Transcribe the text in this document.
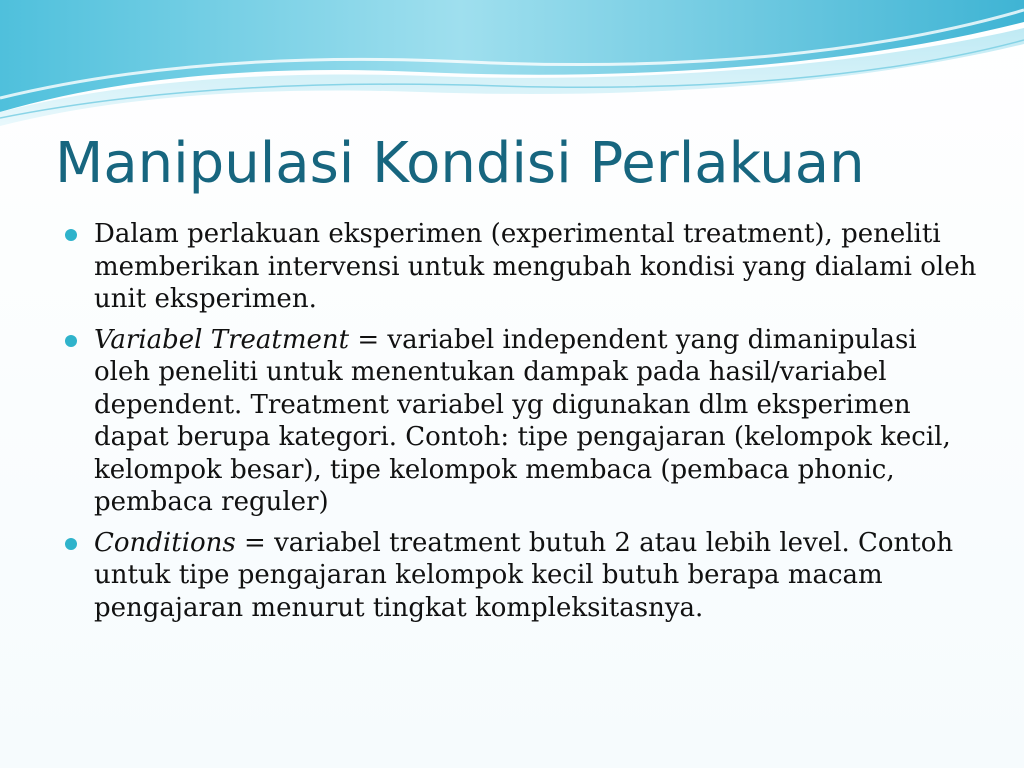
Manipulasi Kondisi Perlakuan
Dalam perlakuan eksperimen (experimental treatment), peneliti memberikan intervensi untuk mengubah kondisi yang dialami oleh unit eksperimen.
Variabel Treatment = variabel independent yang dimanipulasi oleh peneliti untuk menentukan dampak pada hasil/variabel dependent. Treatment variabel yg digunakan dlm eksperimen dapat berupa kategori. Contoh: tipe pengajaran (kelompok kecil, kelompok besar), tipe kelompok membaca (pembaca phonic, pembaca reguler)
Conditions = variabel treatment butuh 2 atau lebih level. Contoh untuk tipe pengajaran kelompok kecil butuh berapa macam pengajaran menurut tingkat kompleksitasnya.
